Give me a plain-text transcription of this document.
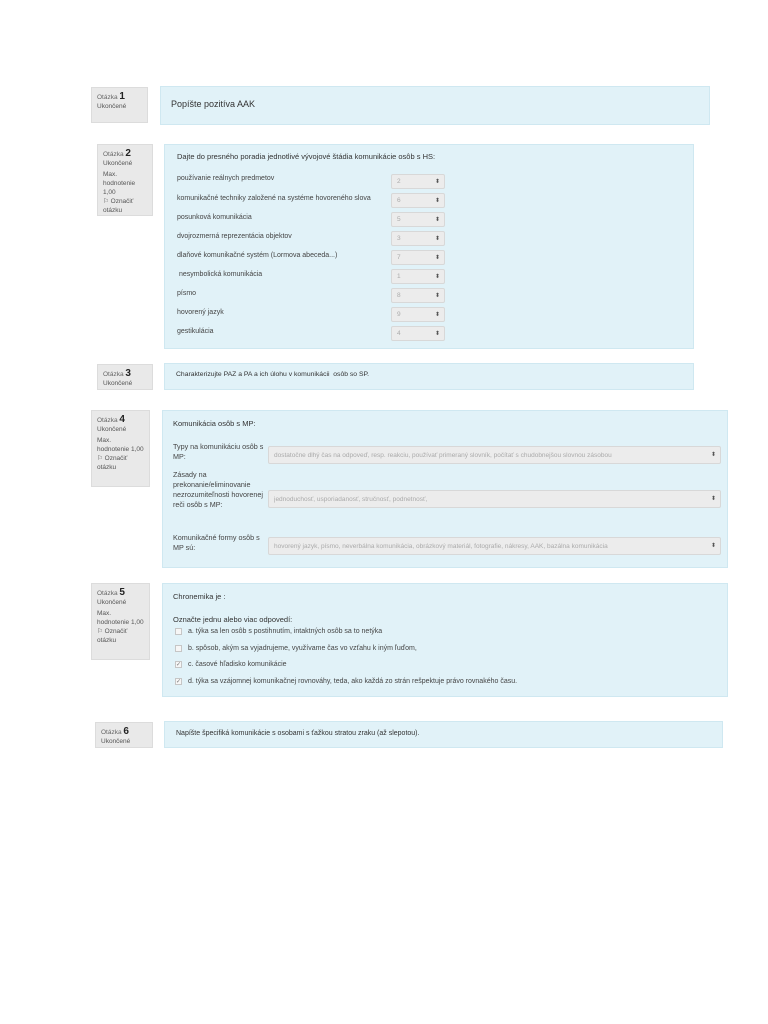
Otázka 1
Ukončené	Popíšte pozitíva AAK
Otázka 2
Ukončené
Max. hodnotenie 1,00
⚐ Označiť otázku
Dajte do presného poradia jednotlivé vývojové štádia komunikácie osôb s HS:
používanie reálnych predmetov	2	⬍
komunikačné techniky založené na systéme hovoreného slova	6	⬍
posunková komunikácia	5	⬍
dvojrozmerná reprezentácia objektov	3	⬍
dlaňové komunikačné systém (Lormova abeceda...)	7	⬍
nesymbolická komunikácia	1	⬍
písmo	8	⬍
hovorený jazyk	9	⬍
gestikulácia	4	⬍
Otázka 3
Ukončené
Charakterizujte PAZ a PA a ich úlohu v komunikácii  osôb so SP.
Otázka 4
Ukončené
Max. hodnotenie 1,00
⚐ Označiť otázku
Komunikácia osôb s MP:
Typy na komunikáciu osôb s MP:	dostatočne dlhý čas na odpoveď, resp. reakciu, používať primeraný slovník, počítať s chudobnejšou slovnou zásobou	⬍
Zásady na prekonanie/eliminovanie nezrozumiteľnosti hovorenej reči osôb s MP:
jednoduchosť, usporiadanosť, stručnosť, podnetnosť,	⬍
Komunikačné formy osôb s MP sú:	hovorený jazyk, písmo, neverbálna komunikácia, obrázkový materiál, fotografie, nákresy, AAK, bazálna komunikácia	⬍
Otázka 5
Ukončené
Max. hodnotenie 1,00
⚐ Označiť otázku
Chronemika je :
Označte jednu alebo viac odpovedí:
a. týka sa len osôb s postihnutím, intaktných osôb sa to netýka
b. spôsob, akým sa vyjadrujeme, využívame čas vo vzťahu k iným ľuďom,
✓ c. časové hľadisko komunikácie
✓ d. týka sa vzájomnej komunikačnej rovnováhy, teda, ako každá zo strán rešpektuje právo rovnakého času.
Otázka 6
Ukončené
Napíšte špecifiká komunikácie s osobami s ťažkou stratou zraku (až slepotou).
